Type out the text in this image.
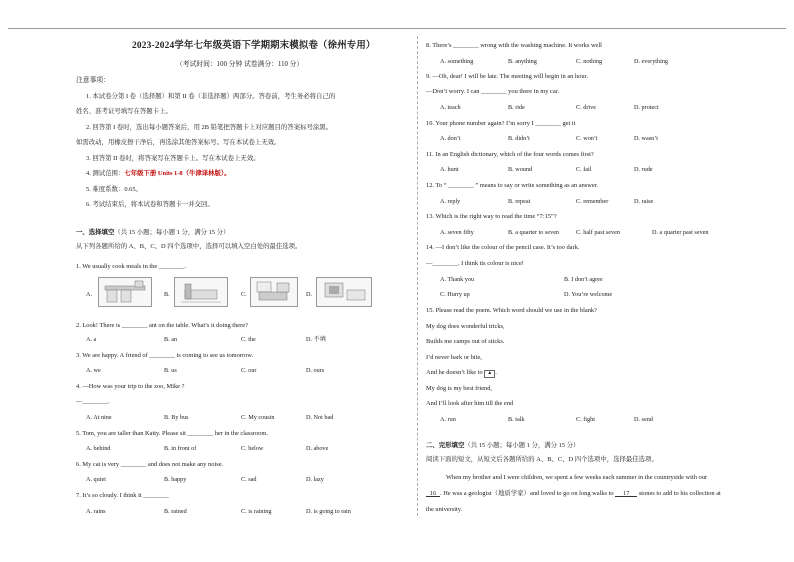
2023-2024学年七年级英语下学期期末模拟卷（徐州专用）
（考试时间：100 分钟 试卷满分：110 分）
注意事项：
1. 本试卷分第 I 卷（选择题）和第 II 卷（非选择题）两部分。答卷前，考生务必将自己的
姓名、准考证号填写在答题卡上。
2. 回答第 I 卷时，选出每小题答案后，用 2B 铅笔把答题卡上对应题目的答案标号涂黑。
如需改动，用橡皮擦干净后，再选涂其他答案标号。写在本试卷上无效。
3. 回答第 II 卷时，将答案写在答题卡上。写在本试卷上无效。
4. 测试范围：七年级下册 Units 1-8（牛津译林版）。
5. 难度系数：0.65。
6. 考试结束后，将本试卷和答题卡一并交回。
一、选择填空（共 15 小题；每小题 1 分，满分 15 分）
从下列各题所给的 A、B、C、D 四个选项中，选择可以填入空白处的最佳选项。
1. We usually cook meals in the ________.
A.	B.	C.	D.
2. Look! There is ________ ant on the table. What’s it doing there?
A. a	B. an	C. the	D. 不填
3. We are happy. A friend of ________ is coming to see us tomorrow.
A. we	B. us	C. our	D. ours
4. —How was your trip to the zoo, Mike ?
—________.
A. At nine	B. By bus	C. My cousin	D. Not bad
5. Tom, you are taller than Katty. Please sit ________ her in the classroom.
A. behind	B. in front of	C. below	D. above
6. My cat is very ________ and does not make any noise.
A. quiet	B. happy	C. sad	D. lazy
7. It’s so cloudy. I think it ________
A. rains	B. rained	C. is raining	D. is going to rain
8. There’s ________ wrong with the washing machine. It works well
A. something	B. anything	C. nothing	D. everything
9. —Oh, dear! I will be late. The meeting will begin in an hour.
—Don’t worry. I can ________ you there in my car.
A. teach	B. ride	C. drive	D. protect
10. Your phone number again? I’m sorry I ________ get it
A. don’t	B. didn’t	C. won’t	D. wasn’t
11. In an English dictionary, which of the four words comes first?
A. hunt	B. wound	C. fail	D. rude
12. To “ ________ ” means to say or write something as an answer.
A. reply	B. repeat	C. remember	D. raise
13. Which is the right way to read the time “7:15”?
A. seven fifty	B. a quarter to seven	C. half past seven	D. a quarter past seven
14. —I don’t like the colour of the pencil case. It’s too dark.
—________. I think its colour is nice!
A. Thank you	B. I don’t agree
C. Hurry up	D. You’re welcome
15. Please read the poem. Which word should we use in the blank?
My dog does wonderful tricks,
Builds me camps out of sticks.
I’d never bark or bite,
And he doesn’t like to ▲ .
My dog is my best friend,
And I’ll look after him till the end
A. run	B. talk	C. fight	D. send
二、完形填空（共 15 小题；每小题 1 分，满分 15 分）
阅读下面的短文，从短文后各题所给的 A、B、C、D 四个选项中，选择最佳选项。
When my brother and I were children, we spent a few weeks each summer in the countryside with our
16 . He was a geologist（地质学家）and loved to go on long walks to 17 stones to add to his collection at
the university.
